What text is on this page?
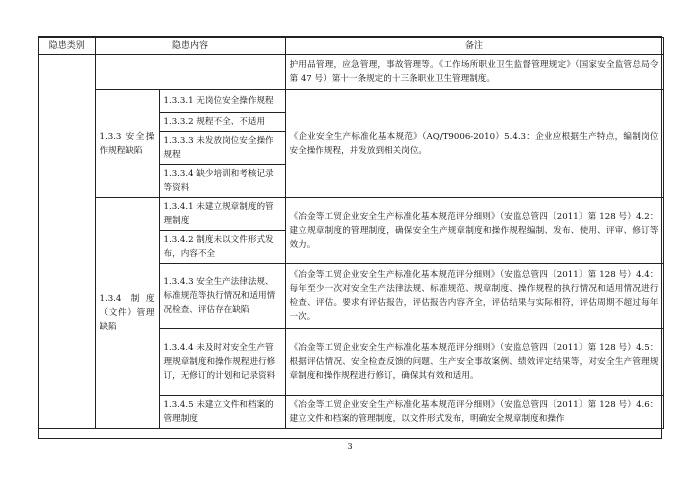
隐患类别	隐患内容		备注
			护用品管理，应急管理，事故管理等。《工作场所职业卫生监督管理规定》（国家安全监管总局令第 47 号）第十一条规定的十三条职业卫生管理制度。
	1.3.3 安全操作规程缺陷	1.3.3.1 无岗位安全操作规程	《企业安全生产标准化基本规范》（AQ/T9006-2010）5.4.3：企业应根据生产特点，编制岗位安全操作规程，并发放到相关岗位。
		1.3.3.2 规程不全、不适用	
		1.3.3.3 未发放岗位安全操作规程	
		1.3.3.4 缺少培训和考核记录等资料	
	1.3.4 制度（文件）管理缺陷	1.3.4.1 未建立规章制度的管理制度	《冶金等工贸企业安全生产标准化基本规范评分细则》（安监总管四〔2011〕第 128 号）4.2：建立规章制度的管理制度，确保安全生产规章制度和操作规程编制、发布、使用、评审、修订等效力。
		1.3.4.2 制度未以文件形式发布，内容不全	
		1.3.4.3 安全生产法律法规、标准规范等执行情况和适用情况检查、评估存在缺陷	《冶金等工贸企业安全生产标准化基本规范评分细则》（安监总管四〔2011〕第 128 号）4.4：每年至少一次对安全生产法律法规、标准规范、规章制度、操作规程的执行情况和适用情况进行检查、评估。要求有评估报告，评估报告内容齐全，评估结果与实际相符，评估周期不超过每年一次。
		1.3.4.4 未及时对安全生产管理规章制度和操作规程进行修订，无修订的计划和记录资料	《冶金等工贸企业安全生产标准化基本规范评分细则》（安监总管四〔2011〕第 128 号）4.5：根据评估情况、安全检查反馈的问题、生产安全事故案例、绩效评定结果等，对安全生产管理规章制度和操作规程进行修订，确保其有效和适用。
		1.3.4.5 未建立文件和档案的管理制度	《冶金等工贸企业安全生产标准化基本规范评分细则》（安监总管四〔2011〕第 128 号）4.6：建立文件和档案的管理制度，以文件形式发布，明确安全规章制度和操作
3
